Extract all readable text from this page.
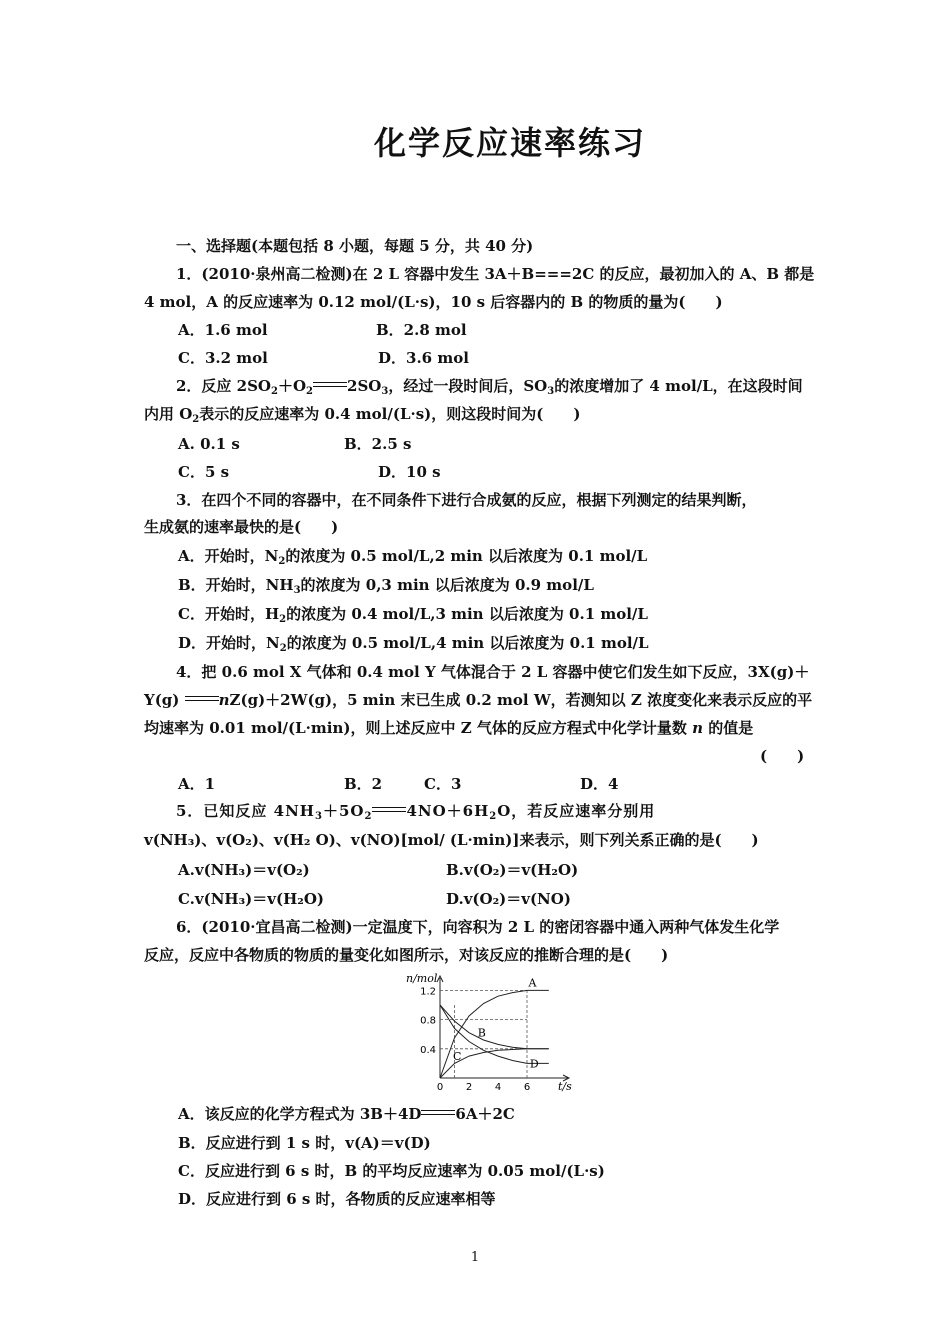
化学反应速率练习
一、选择题(本题包括 8 小题，每题 5 分，共 40 分)
1．(2010·泉州高二检测)在 2 L 容器中发生 3A＋B===2C 的反应，最初加入的 A、B 都是
4 mol，A 的反应速率为 0.12 mol/(L·s)，10 s 后容器内的 B 的物质的量为(　　)
A．1.6 mol	B．2.8 mol
C．3.2 mol	D．3.6 mol
2．反应 $2SO_2+O_2$ $2SO_3$，经过一段时间后，$SO_3$的浓度增加了 4 mol/L，在这段时间
内用 $O_2$表示的反应速率为 0.4 mol/(L·s)，则这段时间为(　　)
A. 0.1 s	B．2.5 s
C．5 s	D．10 s
3．在四个不同的容器中，在不同条件下进行合成氨的反应，根据下列测定的结果判断，
生成氨的速率最快的是(　　)
A．开始时，$N_2$的浓度为 0.5 mol/L,2 min 以后浓度为 0.1 mol/L
B．开始时，$NH_3$的浓度为 0,3 min 以后浓度为 0.9 mol/L
C．开始时，$H_2$的浓度为 0.4 mol/L,3 min 以后浓度为 0.1 mol/L
D．开始时，$N_2$的浓度为 0.5 mol/L,4 min 以后浓度为 0.1 mol/L
4．把 0.6 mol X 气体和 0.4 mol Y 气体混合于 2 L 容器中使它们发生如下反应，3X(g)＋
Y(g) nZ(g)＋2W(g)，5 min 末已生成 0.2 mol W，若测知以 Z 浓度变化来表示反应的平
均速率为 0.01 mol/(L·min)，则上述反应中 Z 气体的反应方程式中化学计量数 n 的值是
(　　)
A．1	B．2	C．3	D．4
5．已知反应 $4NH_3+5O_2$ $4NO+6H_2O$，若反应速率分别用
v(NH₃)、v(O₂)、v(H₂ O)、v(NO)[mol/ (L·min)]来表示，则下列关系正确的是(　　)
A.v(NH₃)＝v(O₂)	B.v(O₂)＝v(H₂O)
C.v(NH₃)＝v(H₂O)	D.v(O₂)＝v(NO)
6．(2010·宜昌高二检测)一定温度下，向容积为 2 L 的密闭容器中通入两种气体发生化学
反应，反应中各物质的物质的量变化如图所示，对该反应的推断合理的是(　　)
n/mol
t/s
1.2
0.8
0.4
0 2 4 6
A
B
C
D
A．该反应的化学方程式为 3B＋4D 6A＋2C
B．反应进行到 1 s 时，v(A)＝v(D)
C．反应进行到 6 s 时，B 的平均反应速率为 0.05 mol/(L·s)
D．反应进行到 6 s 时，各物质的反应速率相等
1
